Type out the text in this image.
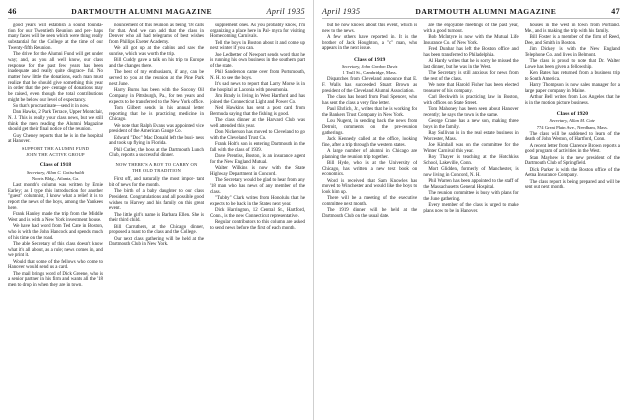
46	DARTMOUTH ALUMNI MAGAZINE	April 1935

good years will establish a sound founda- tion for our Twentieth Reunion and per- haps many faces will be seen which were thing really substantial for the College at the time of our Twenty-fifth Reunion.

The drive for the Alumni Fund will get under way; and, as you all well know, our class response for the past few years has been inadequate and really quite disgrace- ful. No matter how little the donations, each man must realize that he should give something this year in order that the per- centage of donations may be raised, even though the total contributions might be below our level of expectancy.

So that's procrastinate—send it in now.

Dan Hawks, 2 Park Terrace, Upper Montclair, N. J. This is really your class news, but we still think the men reading the Alumni Magazine should get their final notice of the reunion.

Guy Cheney reports that he is in the hospital at Hanover.

SUPPORT THE ALUMNI FUND

JOIN THE ACTIVE GROUP

Class of 1918

Secretary, Allan C. Gottschaldt

Norris Bldg., Atlanta, Ga.

Last month's column was written by Ernie Earley; as I type this introduction for another "guest" columnist, I know what a relief it is to report the news of the boys, among the Yankees here.

Frank Hanley made the trip from the Middle West and is with a New York investment house.

We have had word from Ted Cate in Boston, who is with the John Hancock and spends much of his time on the road.

The able Secretary of this class doesn't know what it's all about, as a rule; news comes in, and we print it.

Would that some of the fellows who come to Hanover would send us a card.

The mail brings word of Dick Greene, who is a senior partner in his firm and wants all the '18 men to drop in when they are in town.

nouncement of this reunion as being '18 calls for that. And we can add that the class in Denver who all had telegrams of best wishes from Phillips Exeter Academy.

We all got up at the cabins and saw the sunrise, which was worth the trip.

Bill Cuddy gave a talk on his trip to Europe and the changes there.

The best of my enthusiasm, if any, can be served to you at the reunion at the Pine Park next June.

Harry Burns has been with the Socony Oil Company in Pittsburgh, Pa., for ten years and expects to be transferred to the New York office.

Tom Gilbert sends in his annual letter reporting that he is practicing medicine in Chicago.

We note that Ralph Evans was appointed vice president of the American Gauge Co.

Edward "Doc" Mac Donald left the busi- ness and took up flying in Florida.

Phil Cutler, the boss at the Dartmouth Lunch Club, reports a successful dinner.

NOW THERE'S A BOY TO CARRY ON

THE OLD TRADITION

First off, and naturally the most impor- tant bit of news for the month.

The birth of a baby daughter to our class President. Congratulations and all possible good wishes to Harvey and his family on this great event.

The little girl's name is Barbara Ellen. She is their third child.

Bill Carruthers, at the Chicago dinner, proposed a toast to the class and the College.

Our next class gathering will be held at the Dartmouth Club in New York.

supplement ones. As you probably know, I'm organizing a place here in Pal- myra for visiting Homecoming Carnivals.

Tell the boys in Boston about it and come up next winter if you can.

Joe Ledbetter of Newport sends word that he is running his own business in the southern part of the state.

Phil Sanderson came over from Portsmouth, N. H. to see the boys.

It's sad news to report that Larry Morse is in the hospital at Laconia with pneumonia.

Jim Brady is living in West Hartford and has joined the Connecticut Light and Power Co.

Ned Hawkins has sent a post card from Bermuda saying that the fishing is good.

The class dinner at the Harvard Club was well attended this year.

Don Nickerson has moved to Cleveland to go with the Cleveland Trust Co.

Frank Holt's son is entering Dartmouth in the fall with the class of 1939.

Dave Prentiss, Boston, is an insurance agent for the New England Mutual.

Walter Wilkins is now with the State Highway Department in Concord.

The Secretary would be glad to hear from any '18 man who has news of any member of the class.

"Tubby" Clark writes from Honolulu that he expects to be back in the States next year.

Dick Harrington, 12 Central St., Hartford, Conn., is the new Connecticut representative.

Regular contributors to this column are asked to send news before the first of each month.

April 1935	DARTMOUTH ALUMNI MAGAZINE	47

but he now knows about this event, which is new to the news.

A few others have reported in. It is the brother of Jack Houghton, a "c" man, who appears in the next issue.

Class of 1919

Secretary, John Gordon Davis

1 Trull St., Cambridge, Mass.

Dispatches from Cleveland announce that E. F. Walls has succeeded Stuart Brown as president of the Cleveland Alumni Association.

The class has heard from Paul Spencer, who has sent the class a very fine letter.

Paul Ehrlich, Jr., writes that he is working for the Bankers Trust Company in New York.

Lou Nugent, in sending back the news from Detroit, comments on the pre-reunion gatherings.

Jack Kennedy called at the office, looking fine, after a trip through the western states.

A large number of alumni in Chicago are planning the reunion trip together.

Bill Hyde, who is at the University of Chicago, has written a new text book on economics.

Word is received that Sam Knowles has moved to Winchester and would like the boys to look him up.

There will be a meeting of the executive committee next month.

The 1919 dinner will be held at the Dartmouth Club on the usual date.

are the enjoyable meetings of the past year, with a good turnout.

Bob McIntyre is now with the Mutual Life Insurance Co. of New York.

Fred Dunbar has left the Boston office and has been transferred to Philadelphia.

Al Hardy writes that he is sorry he missed the last dinner, but he was in the West.

The Secretary is still anxious for news from the rest of the class.

We note that Harold Fisher has been elected treasurer of his company.

Carl Beckwith is practicing law in Boston, with offices on State Street.

Tom Mahoney has been seen about Hanover recently; he says the town is the same.

George Crane has a new son, making three boys in the family.

Ray Sullivan is in the real estate business in Worcester, Mass.

Joe Kimball was on the committee for the Winter Carnival this year.

Roy Thayer is teaching at the Hotchkiss School, Lakeville, Conn.

Mort Glidden, formerly of Manchester, is now living in Concord, N. H.

Phil Warren has been appointed to the staff of the Massachusetts General Hospital.

The reunion committee is busy with plans for the June gathering.

Every member of the class is urged to make plans now to be in Hanover.

houses in the west in town from Portland. Me., and is making the trip with his family.

Bill Foster is a member of the firm of Reed, Dee, and Smith in Boston.

Jim Dickey is with the New England Telephone Co. and lives in Belmont.

The class is proud to note that Dr. Walter Lowe has been given a fellowship.

Ken Bates has returned from a business trip to South America.

Harry Thompson is now sales manager for a large paper company in Maine.

Arthur Bell writes from Los Angeles that he is in the motion picture business.

Class of 1920

Secretary, Allan M. Cate

774 Great Plain Ave., Needham, Mass.

The class will be saddened to learn of the death of John Weston, of Hartford, Conn.

A recent letter from Clarence Brown reports a good program of activities in the West.

Stan Mayhew is the new president of the Dartmouth Club of Springfield.

Dick Parker is with the Boston office of the Aetna Insurance Company.

The class report is being prepared and will be sent out next month.
